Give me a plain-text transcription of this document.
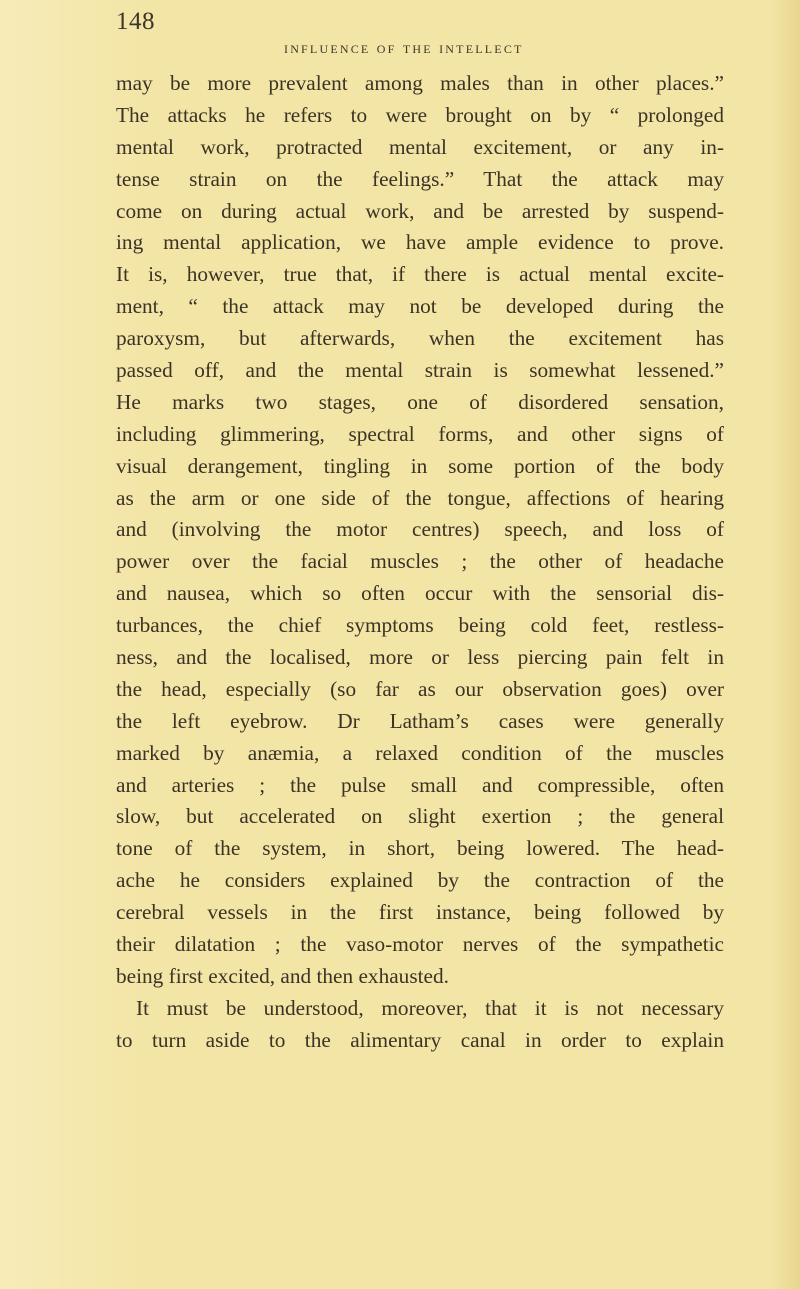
148
influence of the intellect
may be more prevalent among males than in other places.”
The attacks he refers to were brought on by “ prolonged
mental work, protracted mental excitement, or any in-
tense strain on the feelings.” That the attack may
come on during actual work, and be arrested by suspend-
ing mental application, we have ample evidence to prove.
It is, however, true that, if there is actual mental excite-
ment, “ the attack may not be developed during the
paroxysm, but afterwards, when the excitement has
passed off, and the mental strain is somewhat lessened.”
He marks two stages, one of disordered sensation,
including glimmering, spectral forms, and other signs of
visual derangement, tingling in some portion of the body
as the arm or one side of the tongue, affections of hearing
and (involving the motor centres) speech, and loss of
power over the facial muscles ; the other of headache
and nausea, which so often occur with the sensorial dis-
turbances, the chief symptoms being cold feet, restless-
ness, and the localised, more or less piercing pain felt in
the head, especially (so far as our observation goes) over
the left eyebrow. Dr Latham’s cases were generally
marked by anæmia, a relaxed condition of the muscles
and arteries ; the pulse small and compressible, often
slow, but accelerated on slight exertion ; the general
tone of the system, in short, being lowered. The head-
ache he considers explained by the contraction of the
cerebral vessels in the first instance, being followed by
their dilatation ; the vaso-motor nerves of the sympathetic
being first excited, and then exhausted.
It must be understood, moreover, that it is not necessary
to turn aside to the alimentary canal in order to explain
